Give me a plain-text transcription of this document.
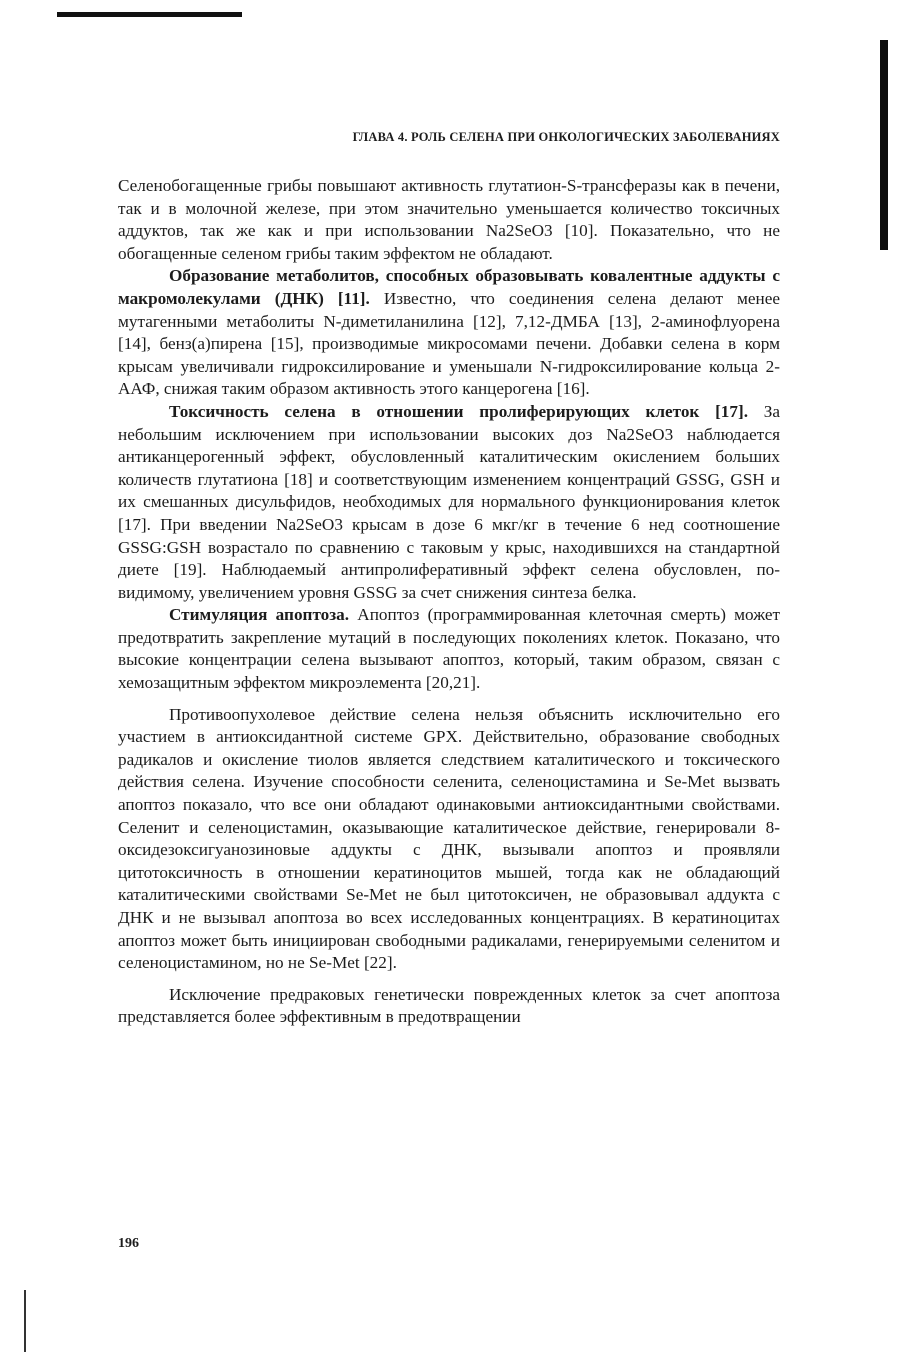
ГЛАВА 4. РОЛЬ СЕЛЕНА ПРИ ОНКОЛОГИЧЕСКИХ ЗАБОЛЕВАНИЯХ

Селенобогащенные грибы повышают активность глутатион-S-трансферазы как в печени, так и в молочной железе, при этом значительно уменьшается количество токсичных аддуктов, так же как и при использовании Na2SeO3 [10]. Показательно, что не обогащенные селеном грибы таким эффектом не обладают.

Образование метаболитов, способных образовывать ковалентные аддукты с макромолекулами (ДНК) [11]. Известно, что соединения селена делают менее мутагенными метаболиты N-диметиланилина [12], 7,12-ДМБА [13], 2-аминофлуорена [14], бенз(а)пирена [15], производимые микросомами печени. Добавки селена в корм крысам увеличивали гидроксилирование и уменьшали N-гидроксилирование кольца 2-ААФ, снижая таким образом активность этого канцерогена [16].

Токсичность селена в отношении пролиферирующих клеток [17]. За небольшим исключением при использовании высоких доз Na2SeO3 наблюдается антиканцерогенный эффект, обусловленный каталитическим окислением больших количеств глутатиона [18] и соответствующим изменением концентраций GSSG, GSH и их смешанных дисульфидов, необходимых для нормального функционирования клеток [17]. При введении Na2SeO3 крысам в дозе 6 мкг/кг в течение 6 нед соотношение GSSG:GSH возрастало по сравнению с таковым у крыс, находившихся на стандартной диете [19]. Наблюдаемый антипролиферативный эффект селена обусловлен, по-видимому, увеличением уровня GSSG за счет снижения синтеза белка.

Стимуляция апоптоза. Апоптоз (программированная клеточная смерть) может предотвратить закрепление мутаций в последующих поколениях клеток. Показано, что высокие концентрации селена вызывают апоптоз, который, таким образом, связан с хемозащитным эффектом микроэлемента [20,21].

Противоопухолевое действие селена нельзя объяснить исключительно его участием в антиоксидантной системе GPX. Действительно, образование свободных радикалов и окисление тиолов является следствием каталитического и токсического действия селена. Изучение способности селенита, селеноцистамина и Se-Met вызвать апоптоз показало, что все они обладают одинаковыми антиоксидантными свойствами. Селенит и селеноцистамин, оказывающие каталитическое действие, генерировали 8-оксидезоксигуанозиновые аддукты с ДНК, вызывали апоптоз и проявляли цитотоксичность в отношении кератиноцитов мышей, тогда как не обладающий каталитическими свойствами Se-Met не был цитотоксичен, не образовывал аддукта с ДНК и не вызывал апоптоза во всех исследованных концентрациях. В кератиноцитах апоптоз может быть инициирован свободными радикалами, генерируемыми селенитом и селеноцистамином, но не Se-Met [22].

Исключение предраковых генетически поврежденных клеток за счет апоптоза представляется более эффективным в предотвращении

196
